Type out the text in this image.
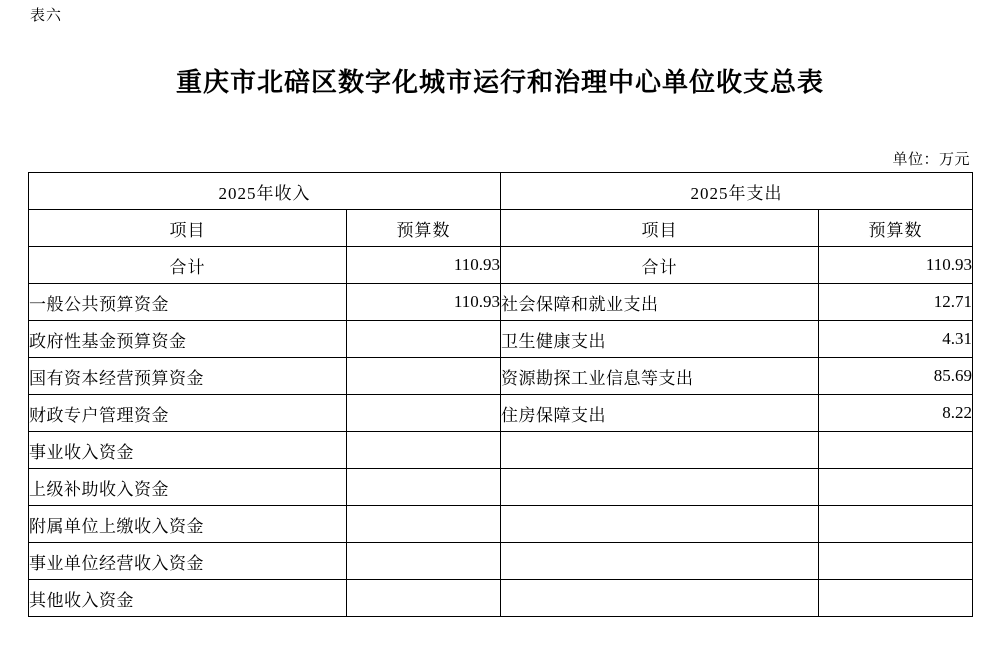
表六
重庆市北碚区数字化城市运行和治理中心单位收支总表
单位：万元
2025年收入		2025年支出	
项目	预算数	项目	预算数
合计	110.93	合计	110.93
一般公共预算资金	110.93	社会保障和就业支出	12.71
政府性基金预算资金		卫生健康支出	4.31
国有资本经营预算资金		资源勘探工业信息等支出	85.69
财政专户管理资金		住房保障支出	8.22
事业收入资金			
上级补助收入资金			
附属单位上缴收入资金			
事业单位经营收入资金			
其他收入资金			
